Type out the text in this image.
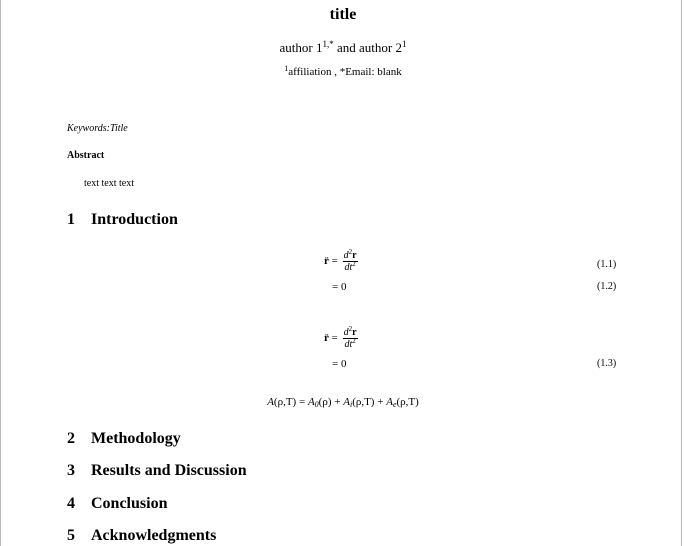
title
author $1^{1,*}$ and author $2^1$
$^1$affiliation , *Email: blank
Keywords:Title
Abstract
text text text
1 Introduction
r̈ = $\frac{d^2r}{dt^2}$	(1.1)
= 0	(1.2)
r̈ = $\frac{d^2r}{dt^2}$
= 0	(1.3)
$A(\rho,T) = A_0(\rho) + A_i(\rho,T) + A_e(\rho,T)$
2 Methodology
3 Results and Discussion
4 Conclusion
5 Acknowledgments
